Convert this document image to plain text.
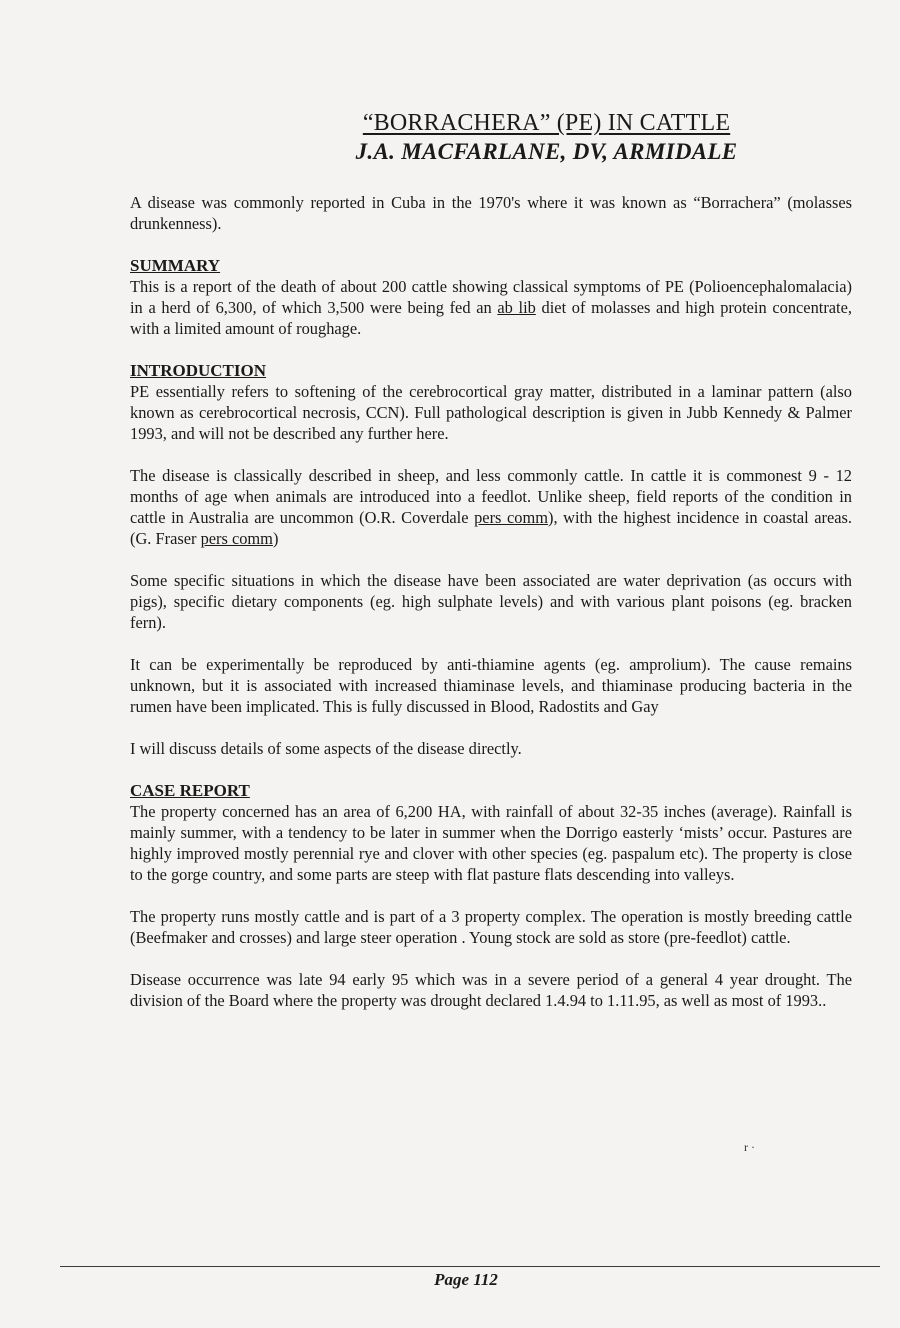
“BORRACHERA” (PE) IN CATTLE
J.A. MACFARLANE, DV, ARMIDALE

A disease was commonly reported in Cuba in the 1970's where it was known as “Borrachera” (molasses drunkenness).

SUMMARY

This is a report of the death of about 200 cattle showing classical symptoms of PE (Polioencephalomalacia) in a herd of 6,300, of which 3,500 were being fed an ab lib diet of molasses and high protein concentrate, with a limited amount of roughage.

INTRODUCTION

PE essentially refers to softening of the cerebrocortical gray matter, distributed in a laminar pattern (also known as cerebrocortical necrosis, CCN). Full pathological description is given in Jubb Kennedy & Palmer 1993, and will not be described any further here.

The disease is classically described in sheep, and less commonly cattle. In cattle it is commonest 9 - 12 months of age when animals are introduced into a feedlot. Unlike sheep, field reports of the condition in cattle in Australia are uncommon (O.R. Coverdale pers comm), with the highest incidence in coastal areas. (G. Fraser pers comm)

Some specific situations in which the disease have been associated are water deprivation (as occurs with pigs), specific dietary components (eg. high sulphate levels) and with various plant poisons (eg. bracken fern).

It can be experimentally be reproduced by anti-thiamine agents (eg. amprolium). The cause remains unknown, but it is associated with increased thiaminase levels, and thiaminase producing bacteria in the rumen have been implicated. This is fully discussed in Blood, Radostits and Gay

I will discuss details of some aspects of the disease directly.

CASE REPORT

The property concerned has an area of 6,200 HA, with rainfall of about 32-35 inches (average). Rainfall is mainly summer, with a tendency to be later in summer when the Dorrigo easterly ‘mists’ occur. Pastures are highly improved mostly perennial rye and clover with other species (eg. paspalum etc). The property is close to the gorge country, and some parts are steep with flat pasture flats descending into valleys.

The property runs mostly cattle and is part of a 3 property complex. The operation is mostly breeding cattle (Beefmaker and crosses) and large steer operation . Young stock are sold as store (pre-feedlot) cattle.

Disease occurrence was late 94 early 95 which was in a severe period of a general 4 year drought. The division of the Board where the property was drought declared 1.4.94 to 1.11.95, as well as most of 1993..

r ·
Page 112
